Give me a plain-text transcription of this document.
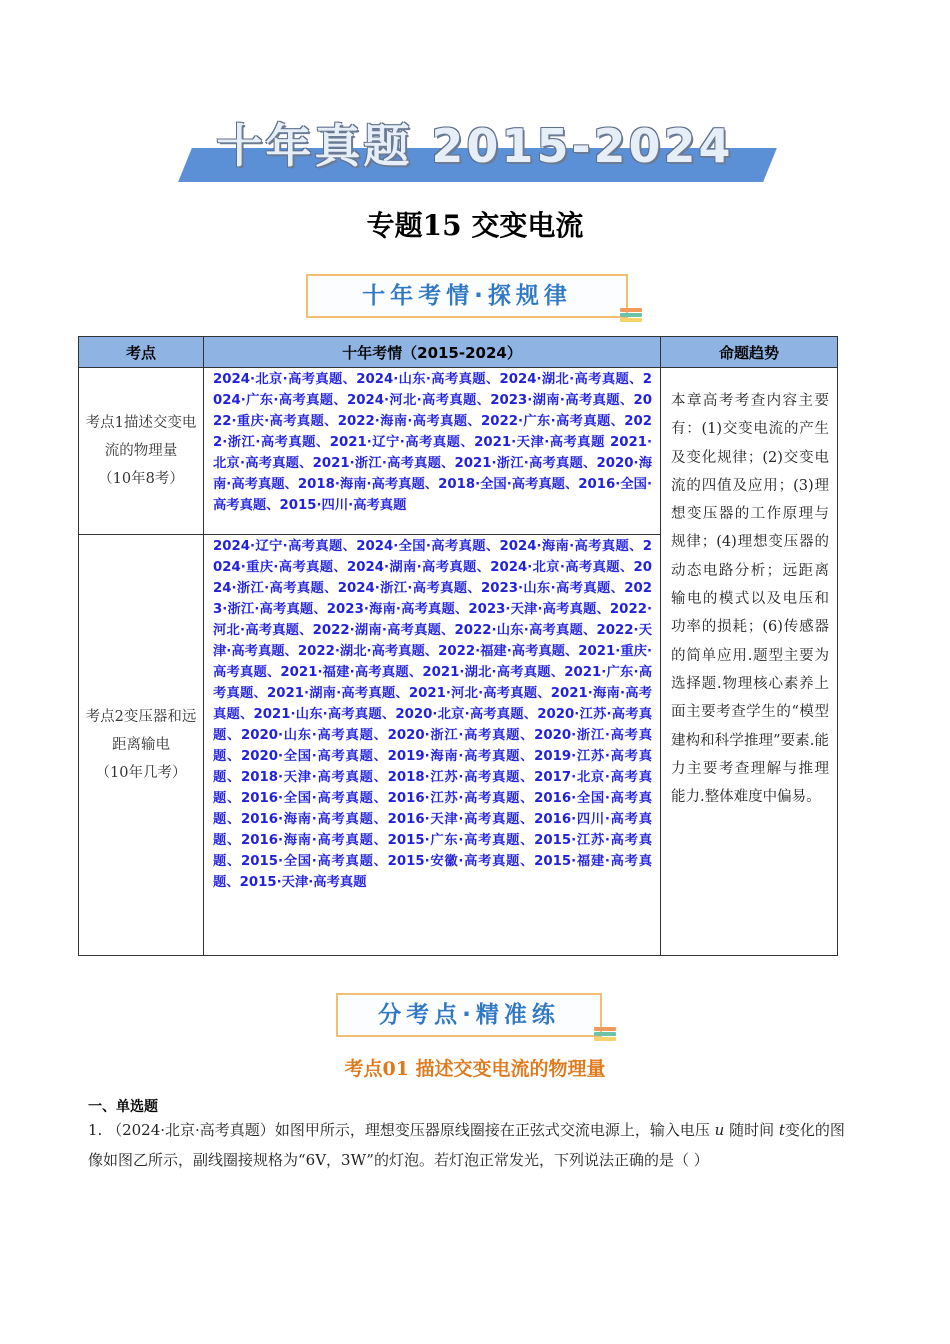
十年真题 2015-2024
专题15 交变电流
十年考情·探规律
考点	十年考情（2015-2024）	命题趋势

考点1描述交变电流的物理量
（10年8考）	2024·北京·高考真题、2024·山东·高考真题、2024·湖北·高考真题、2024·广东·高考真题、2024·河北·高考真题、2023·湖南·高考真题、2022·重庆·高考真题、2022·海南·高考真题、2022·广东·高考真题、2022·浙江·高考真题、2021·辽宁·高考真题、2021·天津·高考真题 2021·北京·高考真题、2021·浙江·高考真题、2021·浙江·高考真题、2020·海南·高考真题、2018·海南·高考真题、2018·全国·高考真题、2016·全国·高考真题、2015·四川·高考真题	本章高考考查内容主要有：(1)交变电流的产生及变化规律；(2)交变电流的四值及应用；(3)理想变压器的工作原理与规律；(4)理想变压器的动态电路分析；远距离输电的模式以及电压和功率的损耗；(6)传感器的简单应用.题型主要为选择题.物理核心素养上面主要考查学生的“模型建构和科学推理”要素.能力主要考查理解与推理能力.整体难度中偏易。

考点2变压器和远距离输电
（10年几考）	2024·辽宁·高考真题、2024·全国·高考真题、2024·海南·高考真题、2024·重庆·高考真题、2024·湖南·高考真题、2024·北京·高考真题、2024·浙江·高考真题、2024·浙江·高考真题、2023·山东·高考真题、2023·浙江·高考真题、2023·海南·高考真题、2023·天津·高考真题、2022·河北·高考真题、2022·湖南·高考真题、2022·山东·高考真题、2022·天津·高考真题、2022·湖北·高考真题、2022·福建·高考真题、2021·重庆·高考真题、2021·福建·高考真题、2021·湖北·高考真题、2021·广东·高考真题、2021·湖南·高考真题、2021·河北·高考真题、2021·海南·高考真题、2021·山东·高考真题、2020·北京·高考真题、2020·江苏·高考真题、2020·山东·高考真题、2020·浙江·高考真题、2020·浙江·高考真题、2020·全国·高考真题、2019·海南·高考真题、2019·江苏·高考真题、2018·天津·高考真题、2018·江苏·高考真题、2017·北京·高考真题、2016·全国·高考真题、2016·江苏·高考真题、2016·全国·高考真题、2016·海南·高考真题、2016·天津·高考真题、2016·四川·高考真题、2016·海南·高考真题、2015·广东·高考真题、2015·江苏·高考真题、2015·全国·高考真题、2015·安徽·高考真题、2015·福建·高考真题、2015·天津·高考真题	
分考点·精准练
考点01 描述交变电流的物理量
一、单选题
1. （2024·北京·高考真题）如图甲所示，理想变压器原线圈接在正弦式交流电源上，输入电压 u 随时间 t变化的图像如图乙所示，副线圈接规格为“6V，3W”的灯泡。若灯泡正常发光，下列说法正确的是（ ）
